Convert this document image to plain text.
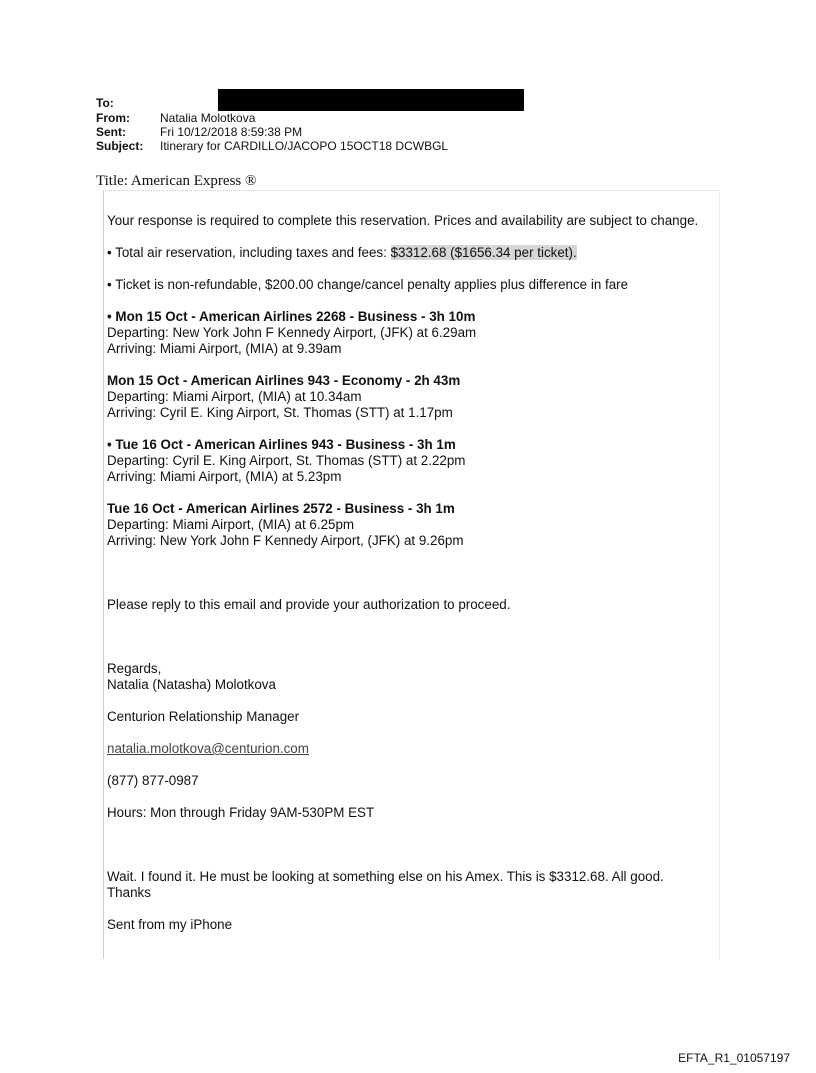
To:
From:	Natalia Molotkova
Sent:	Fri 10/12/2018 8:59:38 PM
Subject:	Itinerary for CARDILLO/JACOPO 15OCT18 DCWBGL
Title: American Express ®

Your response is required to complete this reservation. Prices and availability are subject to change.

• Total air reservation, including taxes and fees: $3312.68 ($1656.34 per ticket).

• Ticket is non-refundable, $200.00 change/cancel penalty applies plus difference in fare

• Mon 15 Oct - American Airlines 2268 - Business - 3h 10m
Departing: New York John F Kennedy Airport, (JFK) at 6.29am
Arriving: Miami Airport, (MIA) at 9.39am

Mon 15 Oct - American Airlines 943 - Economy - 2h 43m
Departing: Miami Airport, (MIA) at 10.34am
Arriving: Cyril E. King Airport, St. Thomas (STT) at 1.17pm

• Tue 16 Oct - American Airlines 943 - Business - 3h 1m
Departing: Cyril E. King Airport, St. Thomas (STT) at 2.22pm
Arriving: Miami Airport, (MIA) at 5.23pm

Tue 16 Oct - American Airlines 2572 - Business - 3h 1m
Departing: Miami Airport, (MIA) at 6.25pm
Arriving: New York John F Kennedy Airport, (JFK) at 9.26pm

Please reply to this email and provide your authorization to proceed.

Regards,
Natalia (Natasha) Molotkova

Centurion Relationship Manager

natalia.molotkova@centurion.com

(877) 877-0987

Hours: Mon through Friday 9AM-530PM EST

Wait. I found it. He must be looking at something else on his Amex. This is $3312.68. All good.
Thanks

Sent from my iPhone

EFTA_R1_01057197
